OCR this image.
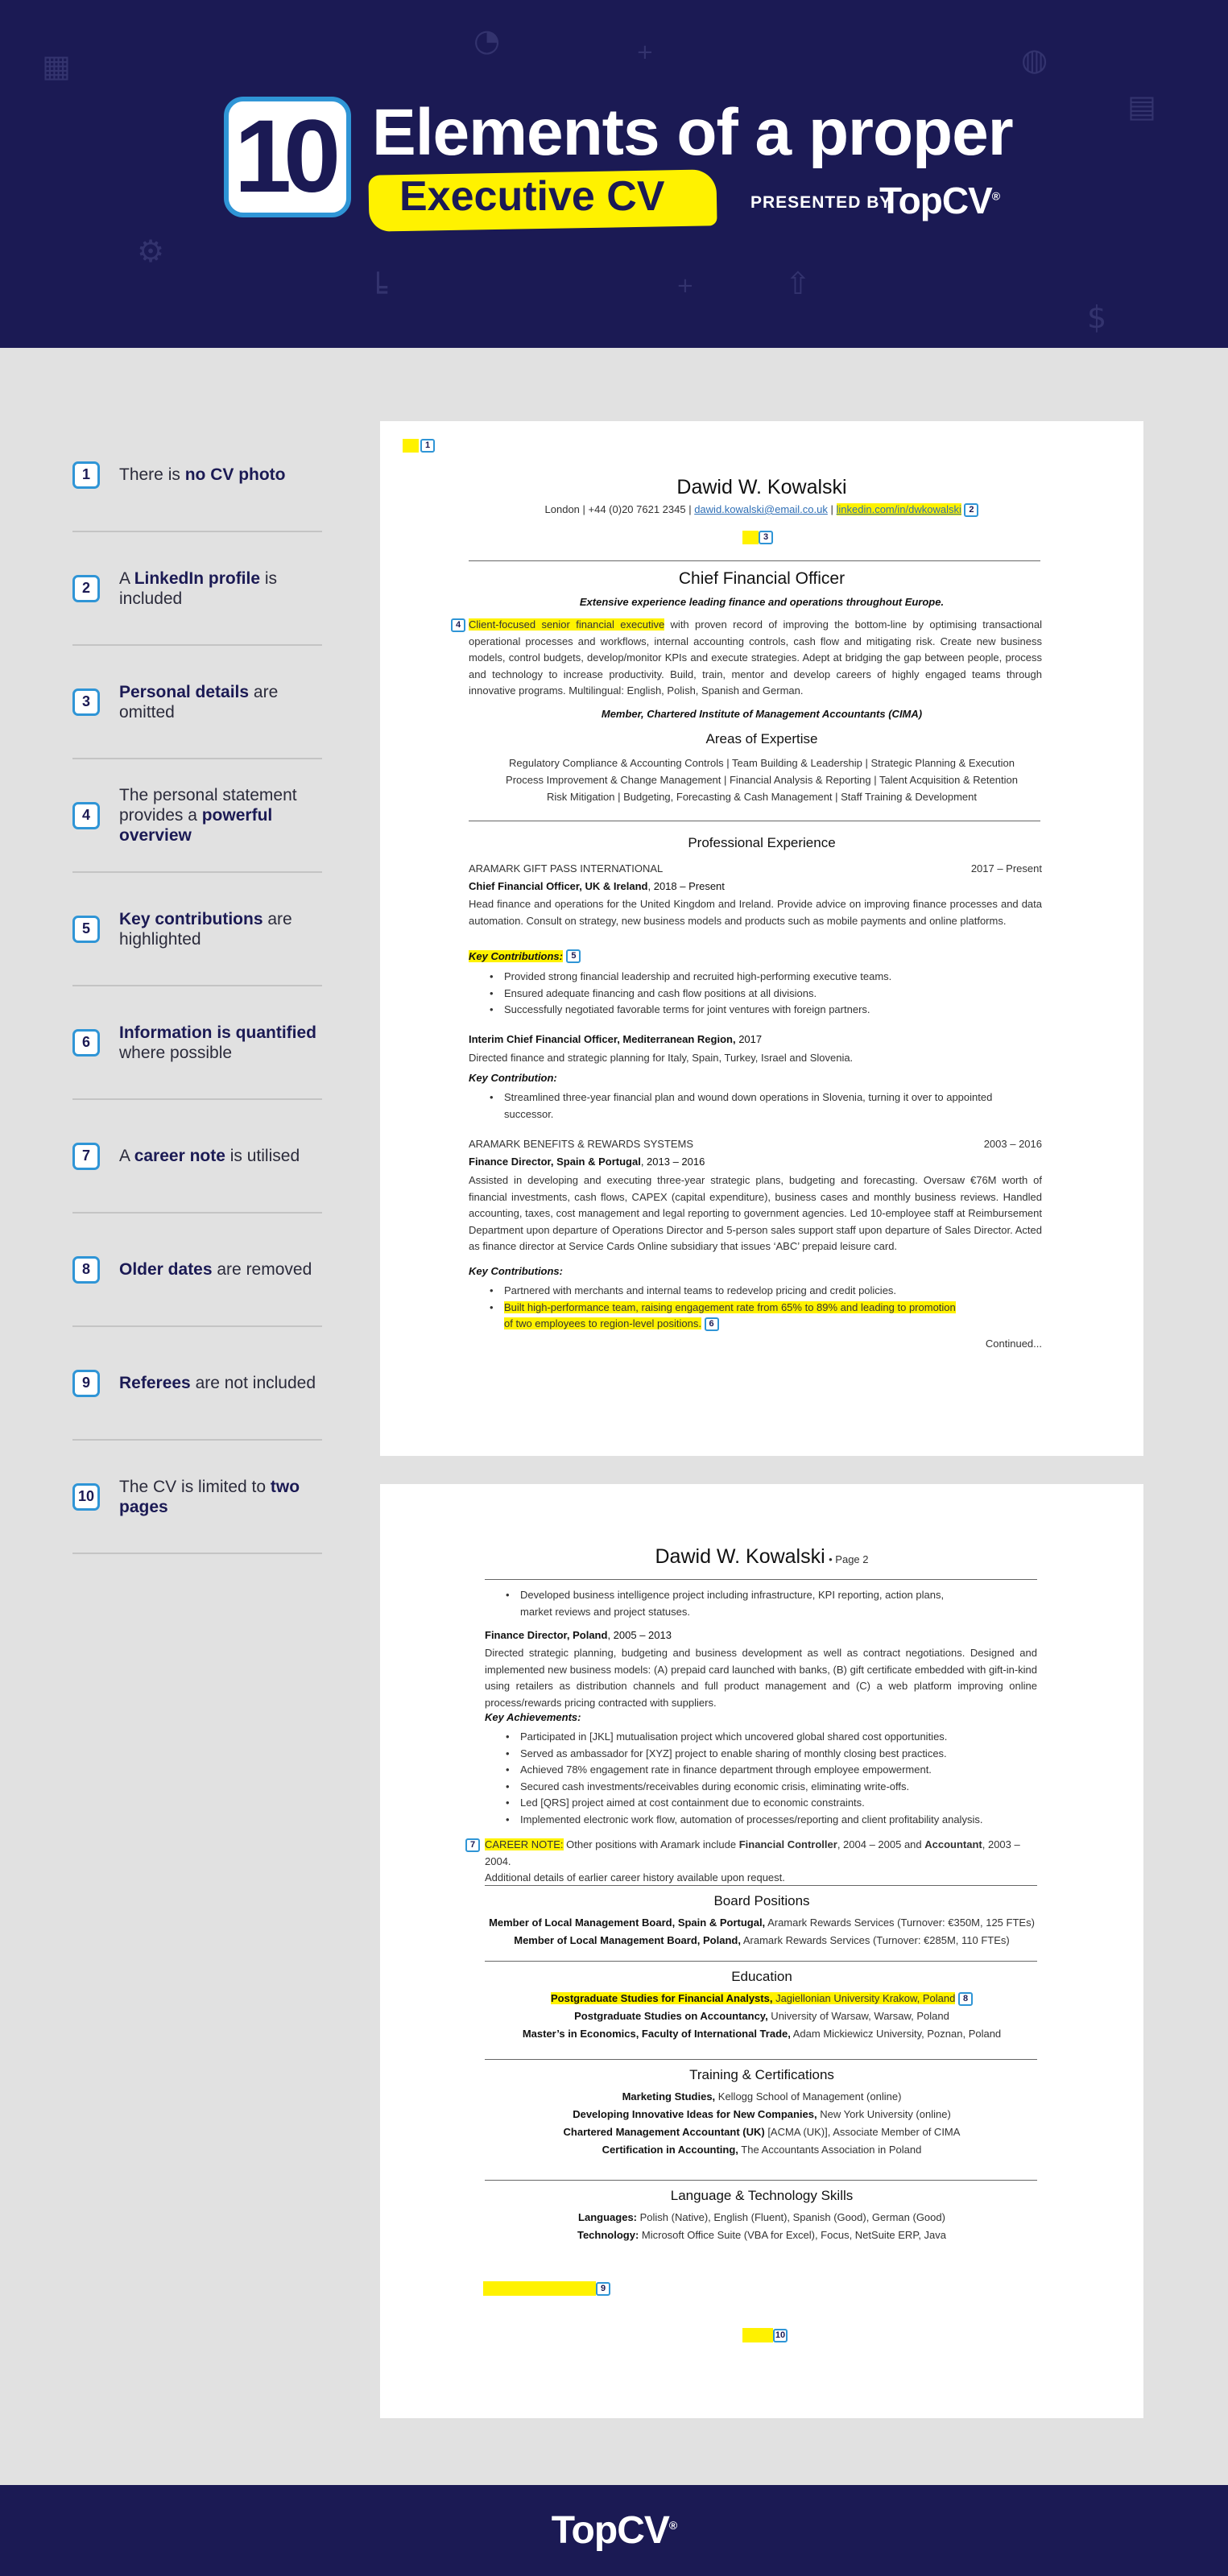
▦
◔
⚙
╘	⇧
◍
$
▤
+
+
10 Elements of a proper
Executive CV	PRESENTED BY
TopCV®
1	There is no CV photo
2
A LinkedIn profile is included
3
Personal details are omitted
4
The personal statement provides a powerful overview
5
Key contributions are highlighted
6
Information is quantified where possible
7	A career note is utilised
8	Older dates are removed
9	Referees are not included
10
The CV is limited to two pages
1
Dawid W. Kowalski
London | +44 (0)20 7621 2345 | dawid.kowalski@email.co.uk | linkedin.com/in/dwkowalski 2
3
Chief Financial Officer
Extensive experience leading finance and operations throughout Europe.
4 Client-focused senior financial executive with proven record of improving the bottom-line by optimising transactional operational processes and workflows, internal accounting controls, cash flow and mitigating risk. Create new business models, control budgets, develop/monitor KPIs and execute strategies. Adept at bridging the gap between people, process and technology to increase productivity. Build, train, mentor and develop careers of highly engaged teams through innovative programs. Multilingual: English, Polish, Spanish and German.
Member, Chartered Institute of Management Accountants (CIMA)
Areas of Expertise
Regulatory Compliance & Accounting Controls | Team Building & Leadership | Strategic Planning & Execution
Process Improvement & Change Management | Financial Analysis & Reporting | Talent Acquisition & Retention
Risk Mitigation | Budgeting, Forecasting & Cash Management | Staff Training & Development
Professional Experience
ARAMARK GIFT PASS INTERNATIONAL	2017 – Present
Chief Financial Officer, UK & Ireland, 2018 – Present
Head finance and operations for the United Kingdom and Ireland. Provide advice on improving finance processes and data automation. Consult on strategy, new business models and products such as mobile payments and online platforms.
Key Contributions: 5
• Provided strong financial leadership and recruited high-performing executive teams.
• Ensured adequate financing and cash flow positions at all divisions.
• Successfully negotiated favorable terms for joint ventures with foreign partners.
Interim Chief Financial Officer, Mediterranean Region, 2017
Directed finance and strategic planning for Italy, Spain, Turkey, Israel and Slovenia.
Key Contribution:
• Streamlined three-year financial plan and wound down operations in Slovenia, turning it over to appointed successor.
ARAMARK BENEFITS & REWARDS SYSTEMS	2003 – 2016
Finance Director, Spain & Portugal, 2013 – 2016
Assisted in developing and executing three-year strategic plans, budgeting and forecasting. Oversaw €76M worth of financial investments, cash flows, CAPEX (capital expenditure), business cases and monthly business reviews. Handled accounting, taxes, cost management and legal reporting to government agencies. Led 10-employee staff at Reimbursement Department upon departure of Operations Director and 5-person sales support staff upon departure of Sales Director. Acted as finance director at Service Cards Online subsidiary that issues ‘ABC’ prepaid leisure card.
Key Contributions:
• Partnered with merchants and internal teams to redevelop pricing and credit policies.
• Built high-performance team, raising engagement rate from 65% to 89% and leading to promotion
of two employees to region-level positions. 6
Continued...
Dawid W. Kowalski • Page 2
• Developed business intelligence project including infrastructure, KPI reporting, action plans, market reviews and project statuses.
Finance Director, Poland, 2005 – 2013
Directed strategic planning, budgeting and business development as well as contract negotiations. Designed and implemented new business models: (A) prepaid card launched with banks, (B) gift certificate embedded with gift-in-kind using retailers as distribution channels and full product management and (C) a web platform improving online process/rewards pricing contracted with suppliers.
Key Achievements:
• Participated in [JKL] mutualisation project which uncovered global shared cost opportunities.
• Served as ambassador for [XYZ] project to enable sharing of monthly closing best practices.
• Achieved 78% engagement rate in finance department through employee empowerment.
• Secured cash investments/receivables during economic crisis, eliminating write-offs.
• Led [QRS] project aimed at cost containment due to economic constraints.
• Implemented electronic work flow, automation of processes/reporting and client profitability analysis.
7 CAREER NOTE: Other positions with Aramark include Financial Controller, 2004 – 2005 and Accountant, 2003 – 2004.
Additional details of earlier career history available upon request.
Board Positions
Member of Local Management Board, Spain & Portugal, Aramark Rewards Services (Turnover: €350M, 125 FTEs)
Member of Local Management Board, Poland, Aramark Rewards Services (Turnover: €285M, 110 FTEs)
Education
Postgraduate Studies for Financial Analysts, Jagiellonian University Krakow, Poland 8
Postgraduate Studies on Accountancy, University of Warsaw, Warsaw, Poland
Master’s in Economics, Faculty of International Trade, Adam Mickiewicz University, Poznan, Poland
Training & Certifications
Marketing Studies, Kellogg School of Management (online)
Developing Innovative Ideas for New Companies, New York University (online)
Chartered Management Accountant (UK) [ACMA (UK)], Associate Member of CIMA
Certification in Accounting, The Accountants Association in Poland
Language & Technology Skills
Languages: Polish (Native), English (Fluent), Spanish (Good), German (Good)
Technology: Microsoft Office Suite (VBA for Excel), Focus, NetSuite ERP, Java
9
10
TopCV®
